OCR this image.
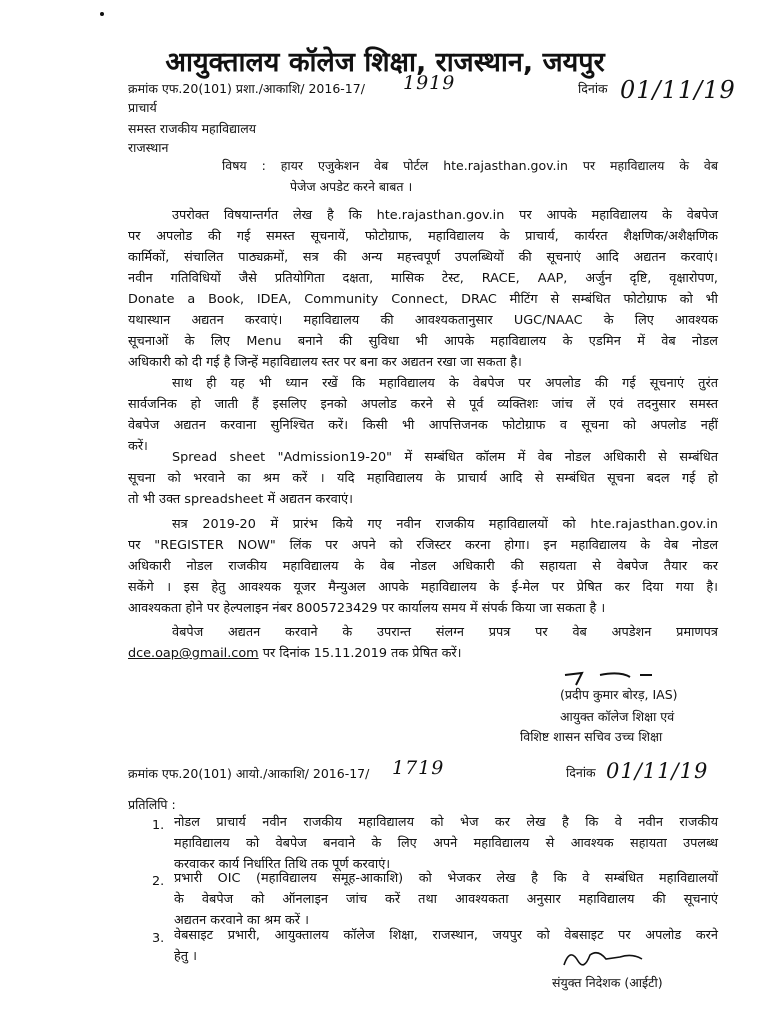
आयुक्तालय कॉलेज शिक्षा, राजस्थान, जयपुर
क्रमांक एफ.20(101) प्रशा./आकाशि/ 2016-17/ 1919	दिनांक 01/11/19
प्राचार्य
समस्त राजकीय महाविद्यालय
राजस्थान
विषय : हायर एजुकेशन वेब पोर्टल hte.rajasthan.gov.in पर महाविद्यालय के वेब
पेजेज अपडेट करने बाबत ।
उपरोक्त विषयान्तर्गत लेख है कि hte.rajasthan.gov.in पर आपके महाविद्यालय के वेबपेज
पर अपलोड की गई समस्त सूचनायें, फोटोग्राफ, महाविद्यालय के प्राचार्य, कार्यरत शैक्षणिक/अशैक्षणिक
कार्मिकों, संचालित पाठ्यक्रमों, सत्र की अन्य महत्त्वपूर्ण उपलब्धियों की सूचनाएं आदि अद्यतन करवाएं।
नवीन गतिविधियों जैसे प्रतियोगिता दक्षता, मासिक टेस्ट, RACE, AAP, अर्जुन दृष्टि, वृक्षारोपण,
Donate a Book, IDEA, Community Connect, DRAC मीटिंग से सम्बंधित फोटोग्राफ को भी
यथास्थान अद्यतन करवाएं। महाविद्यालय की आवश्यकतानुसार UGC/NAAC के लिए आवश्यक
सूचनाओं के लिए Menu बनाने की सुविधा भी आपके महाविद्यालय के एडमिन में वेब नोडल
अधिकारी को दी गई है जिन्हें महाविद्यालय स्तर पर बना कर अद्यतन रखा जा सकता है।
साथ ही यह भी ध्यान रखें कि महाविद्यालय के वेबपेज पर अपलोड की गई सूचनाएं तुरंत
सार्वजनिक हो जाती हैं इसलिए इनको अपलोड करने से पूर्व व्यक्तिशः जांच लें एवं तदनुसार समस्त
वेबपेज अद्यतन करवाना सुनिश्चित करें। किसी भी आपत्तिजनक फोटोग्राफ व सूचना को अपलोड नहीं
करें।
Spread sheet "Admission19-20" में सम्बंधित कॉलम में वेब नोडल अधिकारी से सम्बंधित
सूचना को भरवाने का श्रम करें । यदि महाविद्यालय के प्राचार्य आदि से सम्बंधित सूचना बदल गई हो
तो भी उक्त spreadsheet में अद्यतन करवाएं।
सत्र 2019-20 में प्रारंभ किये गए नवीन राजकीय महाविद्यालयों को hte.rajasthan.gov.in
पर "REGISTER NOW" लिंक पर अपने को रजिस्टर करना होगा। इन महाविद्यालय के वेब नोडल
अधिकारी नोडल राजकीय महाविद्यालय के वेब नोडल अधिकारी की सहायता से वेबपेज तैयार कर
सकेंगे । इस हेतु आवश्यक यूजर मैन्युअल आपके महाविद्यालय के ई-मेल पर प्रेषित कर दिया गया है।
आवश्यकता होने पर हेल्पलाइन नंबर 8005723429 पर कार्यालय समय में संपर्क किया जा सकता है ।
वेबपेज अद्यतन करवाने के उपरान्त संलग्न प्रपत्र पर वेब अपडेशन प्रमाणपत्र
dce.oap@gmail.com पर दिनांक 15.11.2019 तक प्रेषित करें।
(प्रदीप कुमार बोरड़, IAS)
आयुक्त कॉलेज शिक्षा एवं
विशिष्ट शासन सचिव उच्च शिक्षा
क्रमांक एफ.20(101) आयो./आकाशि/ 2016-17/ 1719	दिनांक 01/11/19
प्रतिलिपि :
1. नोडल प्राचार्य नवीन राजकीय महाविद्यालय को भेज कर लेख है कि वे नवीन राजकीय
महाविद्यालय को वेबपेज बनवाने के लिए अपने महाविद्यालय से आवश्यक सहायता उपलब्ध
करवाकर कार्य निर्धारित तिथि तक पूर्ण करवाएं।
2. प्रभारी OIC (महाविद्यालय समूह-आकाशि) को भेजकर लेख है कि वे सम्बंधित महाविद्यालयों
के वेबपेज को ऑनलाइन जांच करें तथा आवश्यकता अनुसार महाविद्यालय की सूचनाएं
अद्यतन करवाने का श्रम करें ।
3. वेबसाइट प्रभारी, आयुक्तालय कॉलेज शिक्षा, राजस्थान, जयपुर को वेबसाइट पर अपलोड करने
हेतु ।
संयुक्त निदेशक (आईटी)
